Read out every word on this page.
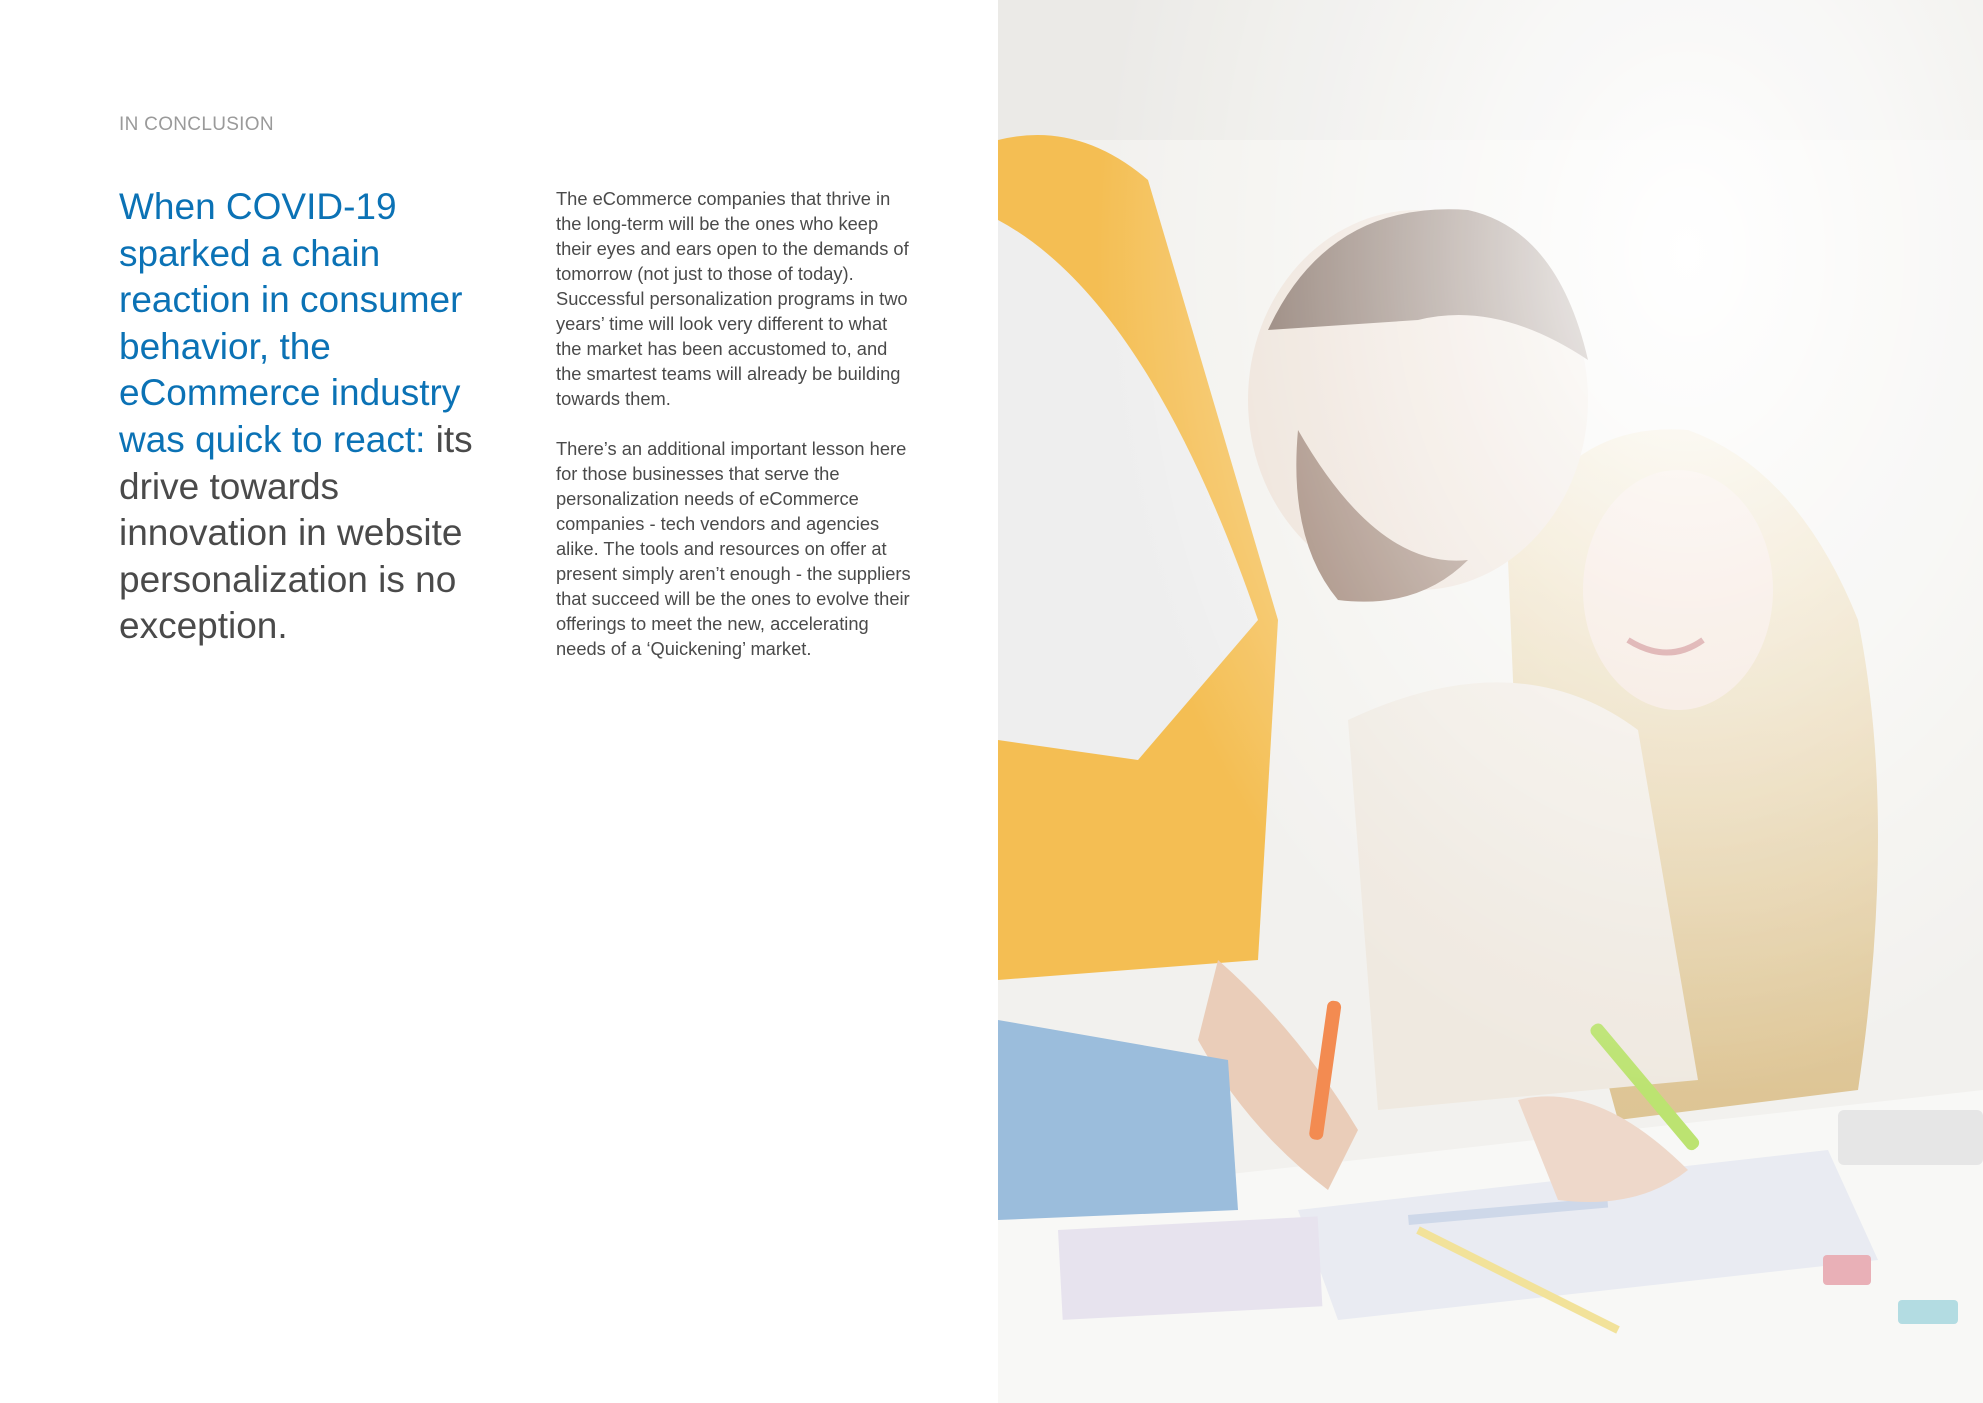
IN CONCLUSION
When COVID-19 sparked a chain reaction in consumer behavior, the eCommerce industry was quick to react: its drive towards innovation in website personalization is no exception.

The eCommerce companies that thrive in the long-term will be the ones who keep their eyes and ears open to the demands of tomorrow (not just to those of today). Successful personalization programs in two years’ time will look very different to what the market has been accustomed to, and the smartest teams will already be building towards them.

There’s an additional important lesson here for those businesses that serve the personalization needs of eCommerce companies - tech vendors and agencies alike. The tools and resources on offer at present simply aren’t enough - the suppliers that succeed will be the ones to evolve their offerings to meet the new, accelerating needs of a ‘Quickening’ market.
